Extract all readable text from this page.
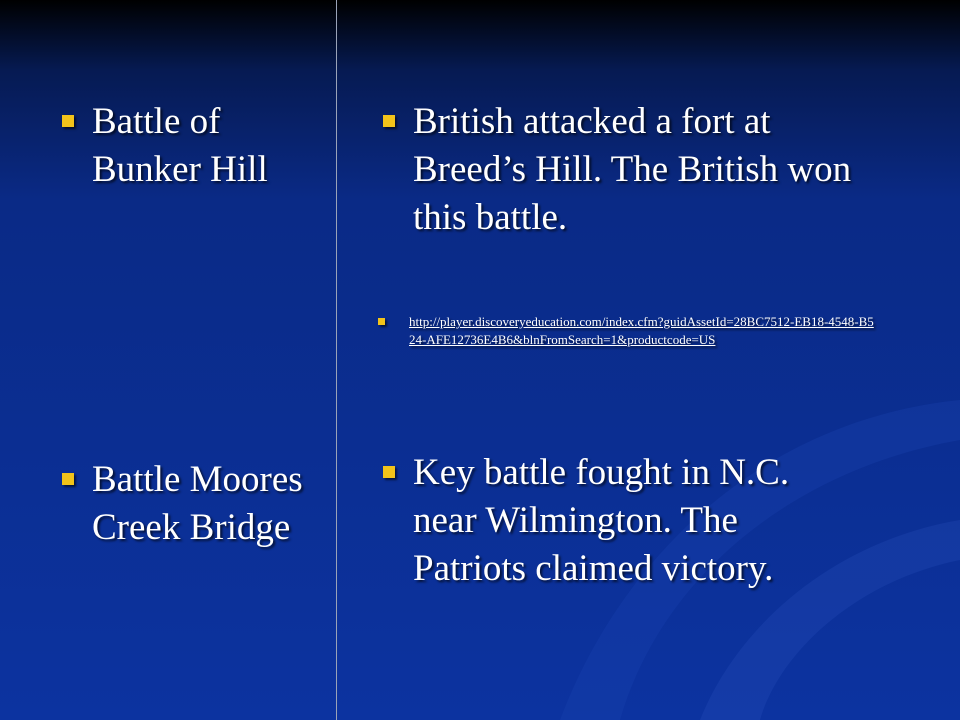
Battle of Bunker Hill
Battle Moores Creek Bridge
British attacked a fort at Breed’s Hill. The British won this battle.
http://player.discoveryeducation.com/index.cfm?guidAssetId=28BC7512-EB18-4548-B524-AFE12736E4B6&blnFromSearch=1&productcode=US
Key battle fought in N.C. near Wilmington. The Patriots claimed victory.
